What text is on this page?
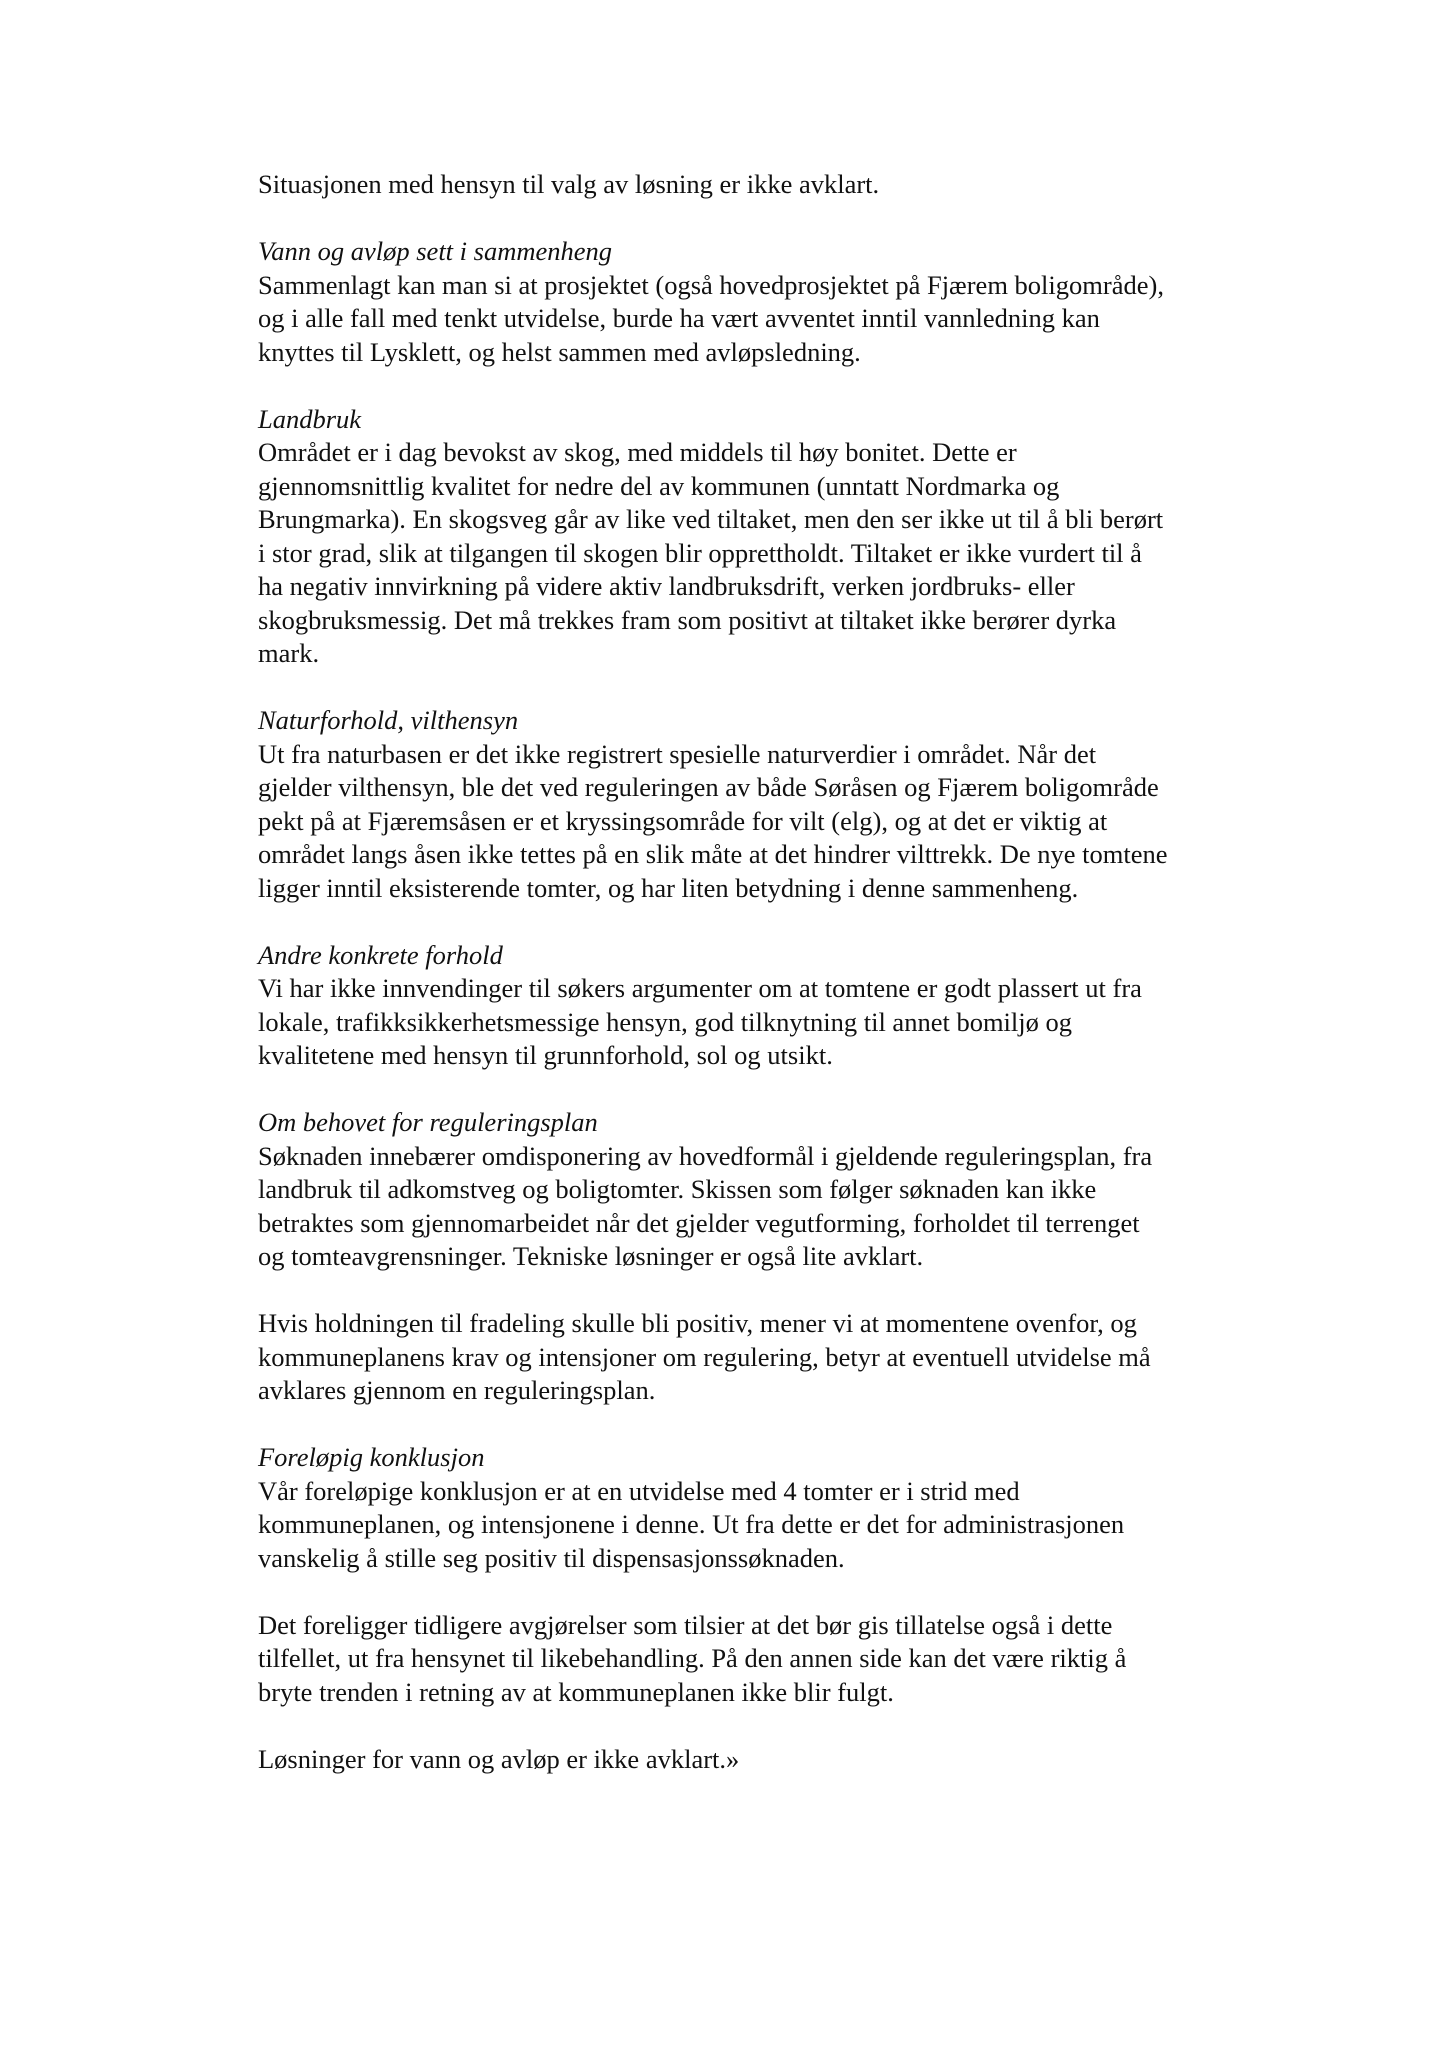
Situasjonen med hensyn til valg av løsning er ikke avklart.
Vann og avløp sett i sammenheng
Sammenlagt kan man si at prosjektet (også hovedprosjektet på Fjærem boligområde),
og i alle fall med tenkt utvidelse, burde ha vært avventet inntil vannledning kan
knyttes til Lysklett, og helst sammen med avløpsledning.
Landbruk
Området er i dag bevokst av skog, med middels til høy bonitet. Dette er
gjennomsnittlig kvalitet for nedre del av kommunen (unntatt Nordmarka og
Brungmarka). En skogsveg går av like ved tiltaket, men den ser ikke ut til å bli berørt
i stor grad, slik at tilgangen til skogen blir opprettholdt. Tiltaket er ikke vurdert til å
ha negativ innvirkning på videre aktiv landbruksdrift, verken jordbruks- eller
skogbruksmessig. Det må trekkes fram som positivt at tiltaket ikke berører dyrka
mark.
Naturforhold, vilthensyn
Ut fra naturbasen er det ikke registrert spesielle naturverdier i området. Når det
gjelder vilthensyn, ble det ved reguleringen av både Søråsen og Fjærem boligområde
pekt på at Fjæremsåsen er et kryssingsområde for vilt (elg), og at det er viktig at
området langs åsen ikke tettes på en slik måte at det hindrer vilttrekk. De nye tomtene
ligger inntil eksisterende tomter, og har liten betydning i denne sammenheng.
Andre konkrete forhold
Vi har ikke innvendinger til søkers argumenter om at tomtene er godt plassert ut fra
lokale, trafikksikkerhetsmessige hensyn, god tilknytning til annet bomiljø og
kvalitetene med hensyn til grunnforhold, sol og utsikt.
Om behovet for reguleringsplan
Søknaden innebærer omdisponering av hovedformål i gjeldende reguleringsplan, fra
landbruk til adkomstveg og boligtomter. Skissen som følger søknaden kan ikke
betraktes som gjennomarbeidet når det gjelder vegutforming, forholdet til terrenget
og tomteavgrensninger. Tekniske løsninger er også lite avklart.
Hvis holdningen til fradeling skulle bli positiv, mener vi at momentene ovenfor, og
kommuneplanens krav og intensjoner om regulering, betyr at eventuell utvidelse må
avklares gjennom en reguleringsplan.
Foreløpig konklusjon
Vår foreløpige konklusjon er at en utvidelse med 4 tomter er i strid med
kommuneplanen, og intensjonene i denne. Ut fra dette er det for administrasjonen
vanskelig å stille seg positiv til dispensasjonssøknaden.
Det foreligger tidligere avgjørelser som tilsier at det bør gis tillatelse også i dette
tilfellet, ut fra hensynet til likebehandling. På den annen side kan det være riktig å
bryte trenden i retning av at kommuneplanen ikke blir fulgt.
Løsninger for vann og avløp er ikke avklart.»
